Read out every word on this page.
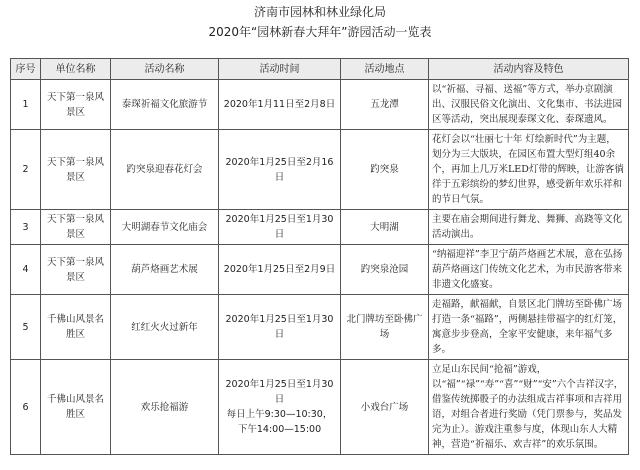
济南市园林和林业绿化局
2020年“园林新春大拜年”游园活动一览表
序号	单位名称	活动名称	活动时间	活动地点	活动内容及特色
1	天下第一泉风景区	泰琛祈福文化旅游节	2020年1月11日至2月8日	五龙潭	以“祈福、寻福、送福”等方式，举办京剧演出、汉服民俗文化演出、文化集市、书法进园区等活动，突出展现泰琛文化、泰琛遗风。
2	天下第一泉风景区	趵突泉迎春花灯会	2020年1月25日至2月16日	趵突泉	花灯会以“壮丽七十年 灯绘新时代”为主题，划分为三大版块，在园区布置大型灯组40余个，再加上几万米LED灯带的辉映，让游客徜徉于五彩缤纷的梦幻世界，感受新年欢乐祥和的节日气氛。
3	天下第一泉风景区	大明湖春节文化庙会	2020年1月25日至1月30日	大明湖	主要在庙会期间进行舞龙、舞狮、高跷等文化活动演出。
4	天下第一泉风景区	葫芦烙画艺术展	2020年1月25日至2月9日	趵突泉沧园	“纳福迎祥”李卫宁葫芦烙画艺术展，意在弘扬葫芦烙画这门传统文化艺术，为市民游客带来非遗文化盛宴。
5	千佛山风景名胜区	红红火火过新年	2020年1月25日至1月30日	北门牌坊至卧佛广场	走福路，献福献，自景区北门牌坊至卧佛广场打造一条“福路”，两侧悬挂带福字的红灯笼，寓意步步登高，全家平安健康，来年福气多多。
6	千佛山风景名胜区	欢乐抢福游	2020年1月25日至1月30日
每日上午9:30—10:30，
下午14:00—15:00	小戏台广场	立足山东民间“抢福”游戏，以“福”“禄”“寿”“喜”“财”“安”六个吉祥汉字，借鉴传统掷骰子的办法组成吉祥事项和吉祥用语，对组合者进行奖励（凭门票参与，奖品发完为止）。游戏注重参与度，体现山东人大精神，营造“祈福乐、欢吉祥”的欢乐氛围。
